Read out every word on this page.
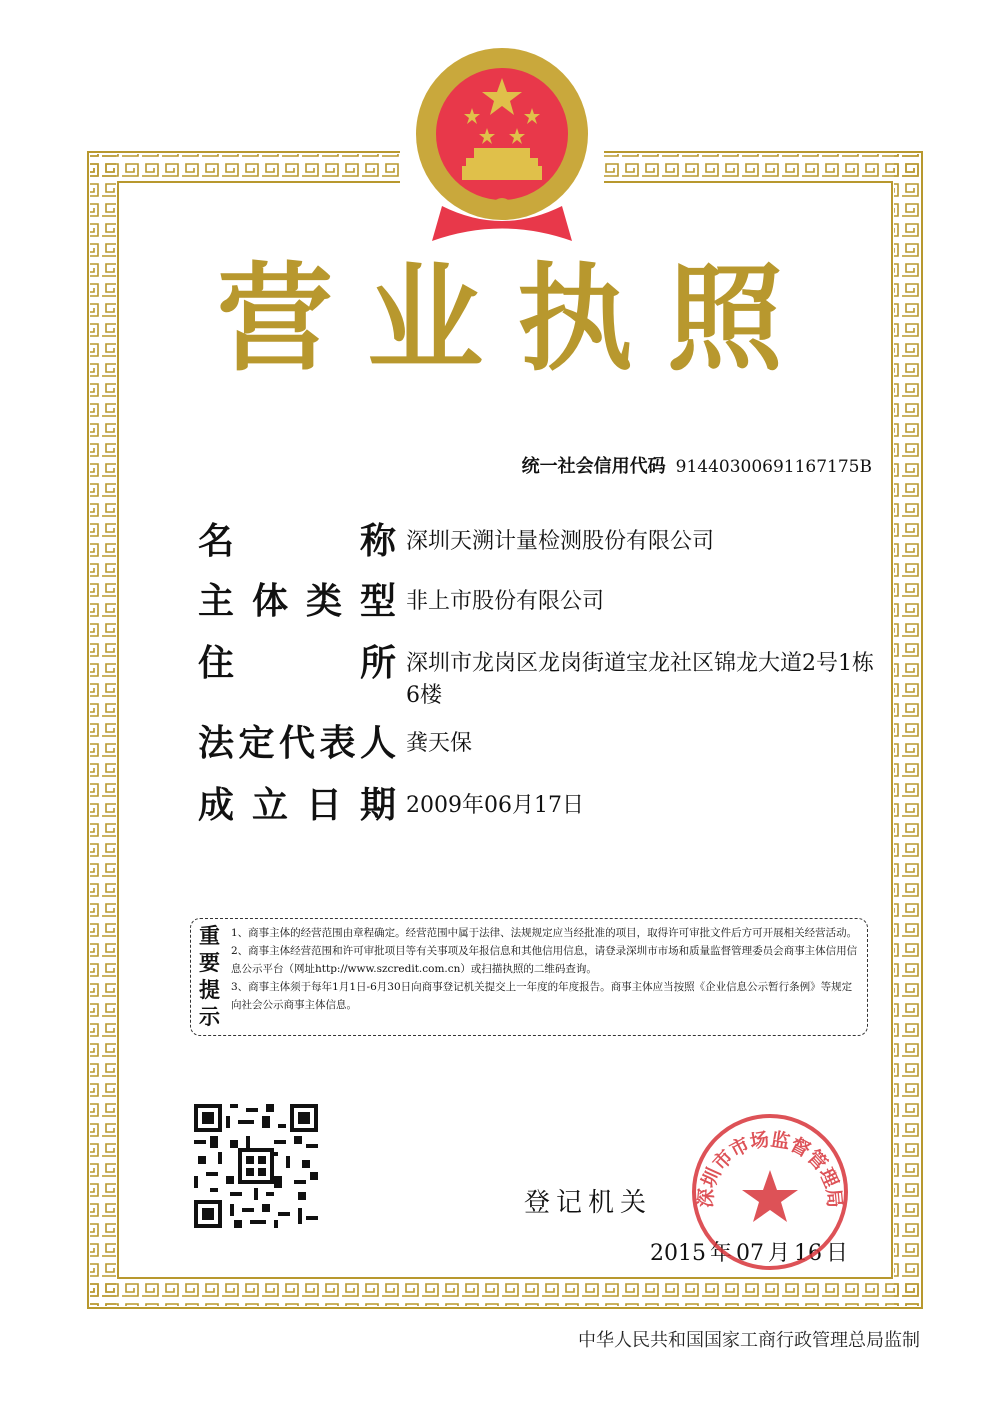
营业执照
统一社会信用代码 91440300691167175B
名	称 深圳天溯计量检测股份有限公司
主 体 类 型 非上市股份有限公司
住	所 深圳市龙岗区龙岗街道宝龙社区锦龙大道2号1栋6楼
法 定 代 表 人 龚天保
成 立 日 期 2009年06月17日
重
要
提
示

1、商事主体的经营范围由章程确定。经营范围中属于法律、法规规定应当经批准的项目，取得许可审批文件后方可开展相关经营活动。

2、商事主体经营范围和许可审批项目等有关事项及年报信息和其他信用信息，请登录深圳市市场和质量监督管理委员会商事主体信用信息公示平台（网址http://www.szcredit.com.cn）或扫描执照的二维码查询。

3、商事主体须于每年1月1日-6月30日向商事登记机关提交上一年度的年度报告。商事主体应当按照《企业信息公示暂行条例》等规定向社会公示商事主体信息。

登记机关
2015 年 07 月 16 日
深圳市市场监督管理局
中华人民共和国国家工商行政管理总局监制
